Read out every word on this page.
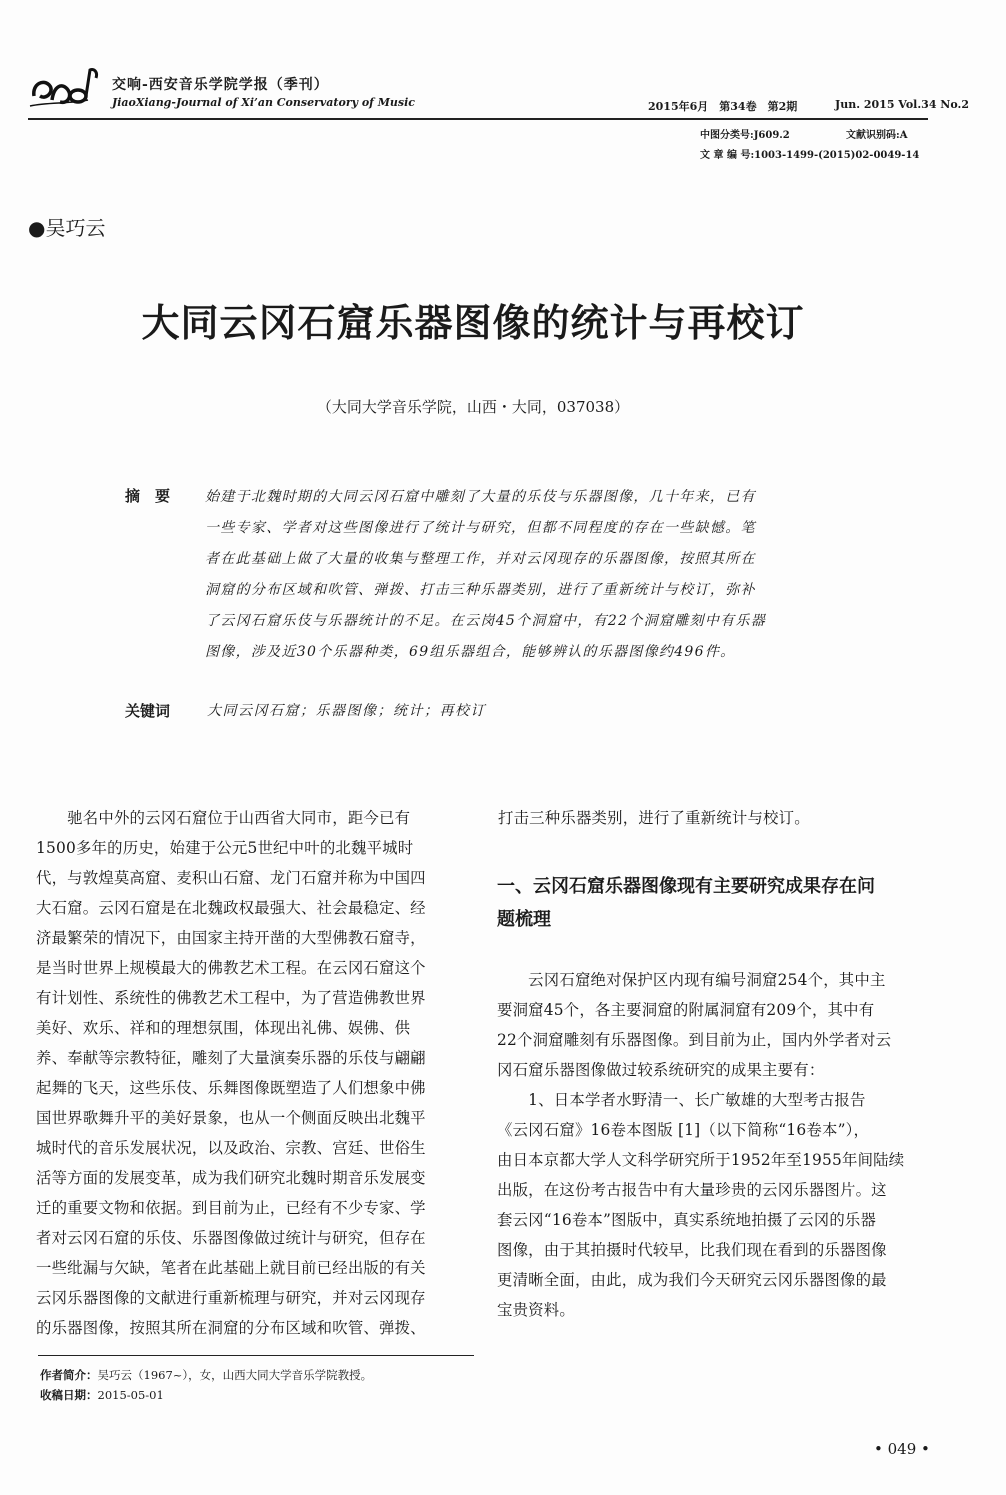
交响-西安音乐学院学报（季刊）
JiaoXiang-Journal of Xi’an Conservatory of Music	2015年6月　第34卷　第2期	Jun. 2015 Vol.34 No.2
中图分类号:J609.2	文献识别码:A
文 章 编 号:1003-1499-(2015)02-0049-14
●吴巧云
大同云冈石窟乐器图像的统计与再校订
（大同大学音乐学院，山西・大同，037038）
摘要 始建于北魏时期的大同云冈石窟中雕刻了大量的乐伎与乐器图像，几十年来，已有
一些专家、学者对这些图像进行了统计与研究，但都不同程度的存在一些缺憾。笔
者在此基础上做了大量的收集与整理工作，并对云冈现存的乐器图像，按照其所在
洞窟的分布区域和吹管、弹拨、打击三种乐器类别，进行了重新统计与校订，弥补
了云冈石窟乐伎与乐器统计的不足。在云岗45个洞窟中，有22个洞窟雕刻中有乐器
图像，涉及近30个乐器种类，69组乐器组合，能够辨认的乐器图像约496件。
关键词	大同云冈石窟；乐器图像；统计；再校订
　　驰名中外的云冈石窟位于山西省大同市，距今已有
1500多年的历史，始建于公元5世纪中叶的北魏平城时
代，与敦煌莫高窟、麦积山石窟、龙门石窟并称为中国四
大石窟。云冈石窟是在北魏政权最强大、社会最稳定、经
济最繁荣的情况下，由国家主持开凿的大型佛教石窟寺，
是当时世界上规模最大的佛教艺术工程。在云冈石窟这个
有计划性、系统性的佛教艺术工程中，为了营造佛教世界
美好、欢乐、祥和的理想氛围，体现出礼佛、娱佛、供
养、奉献等宗教特征，雕刻了大量演奏乐器的乐伎与翩翩
起舞的飞天，这些乐伎、乐舞图像既塑造了人们想象中佛
国世界歌舞升平的美好景象，也从一个侧面反映出北魏平
城时代的音乐发展状况，以及政治、宗教、宫廷、世俗生
活等方面的发展变革，成为我们研究北魏时期音乐发展变
迁的重要文物和依据。到目前为止，已经有不少专家、学
者对云冈石窟的乐伎、乐器图像做过统计与研究，但存在
一些纰漏与欠缺，笔者在此基础上就目前已经出版的有关
云冈乐器图像的文献进行重新梳理与研究，并对云冈现存
的乐器图像，按照其所在洞窟的分布区域和吹管、弹拨、
打击三种乐器类别，进行了重新统计与校订。
一、云冈石窟乐器图像现有主要研究成果存在问
题梳理
　　云冈石窟绝对保护区内现有编号洞窟254个，其中主
要洞窟45个，各主要洞窟的附属洞窟有209个，其中有
22个洞窟雕刻有乐器图像。到目前为止，国内外学者对云
冈石窟乐器图像做过较系统研究的成果主要有：
　　1、日本学者水野清一、长广敏雄的大型考古报告
《云冈石窟》16卷本图版 [1]（以下简称“16卷本”），
由日本京都大学人文科学研究所于1952年至1955年间陆续
出版，在这份考古报告中有大量珍贵的云冈乐器图片。这
套云冈“16卷本”图版中，真实系统地拍摄了云冈的乐器
图像，由于其拍摄时代较早，比我们现在看到的乐器图像
更清晰全面，由此，成为我们今天研究云冈乐器图像的最
宝贵资料。
作者简介：吴巧云（1967~），女，山西大同大学音乐学院教授。
收稿日期：2015-05-01
• 049 •
